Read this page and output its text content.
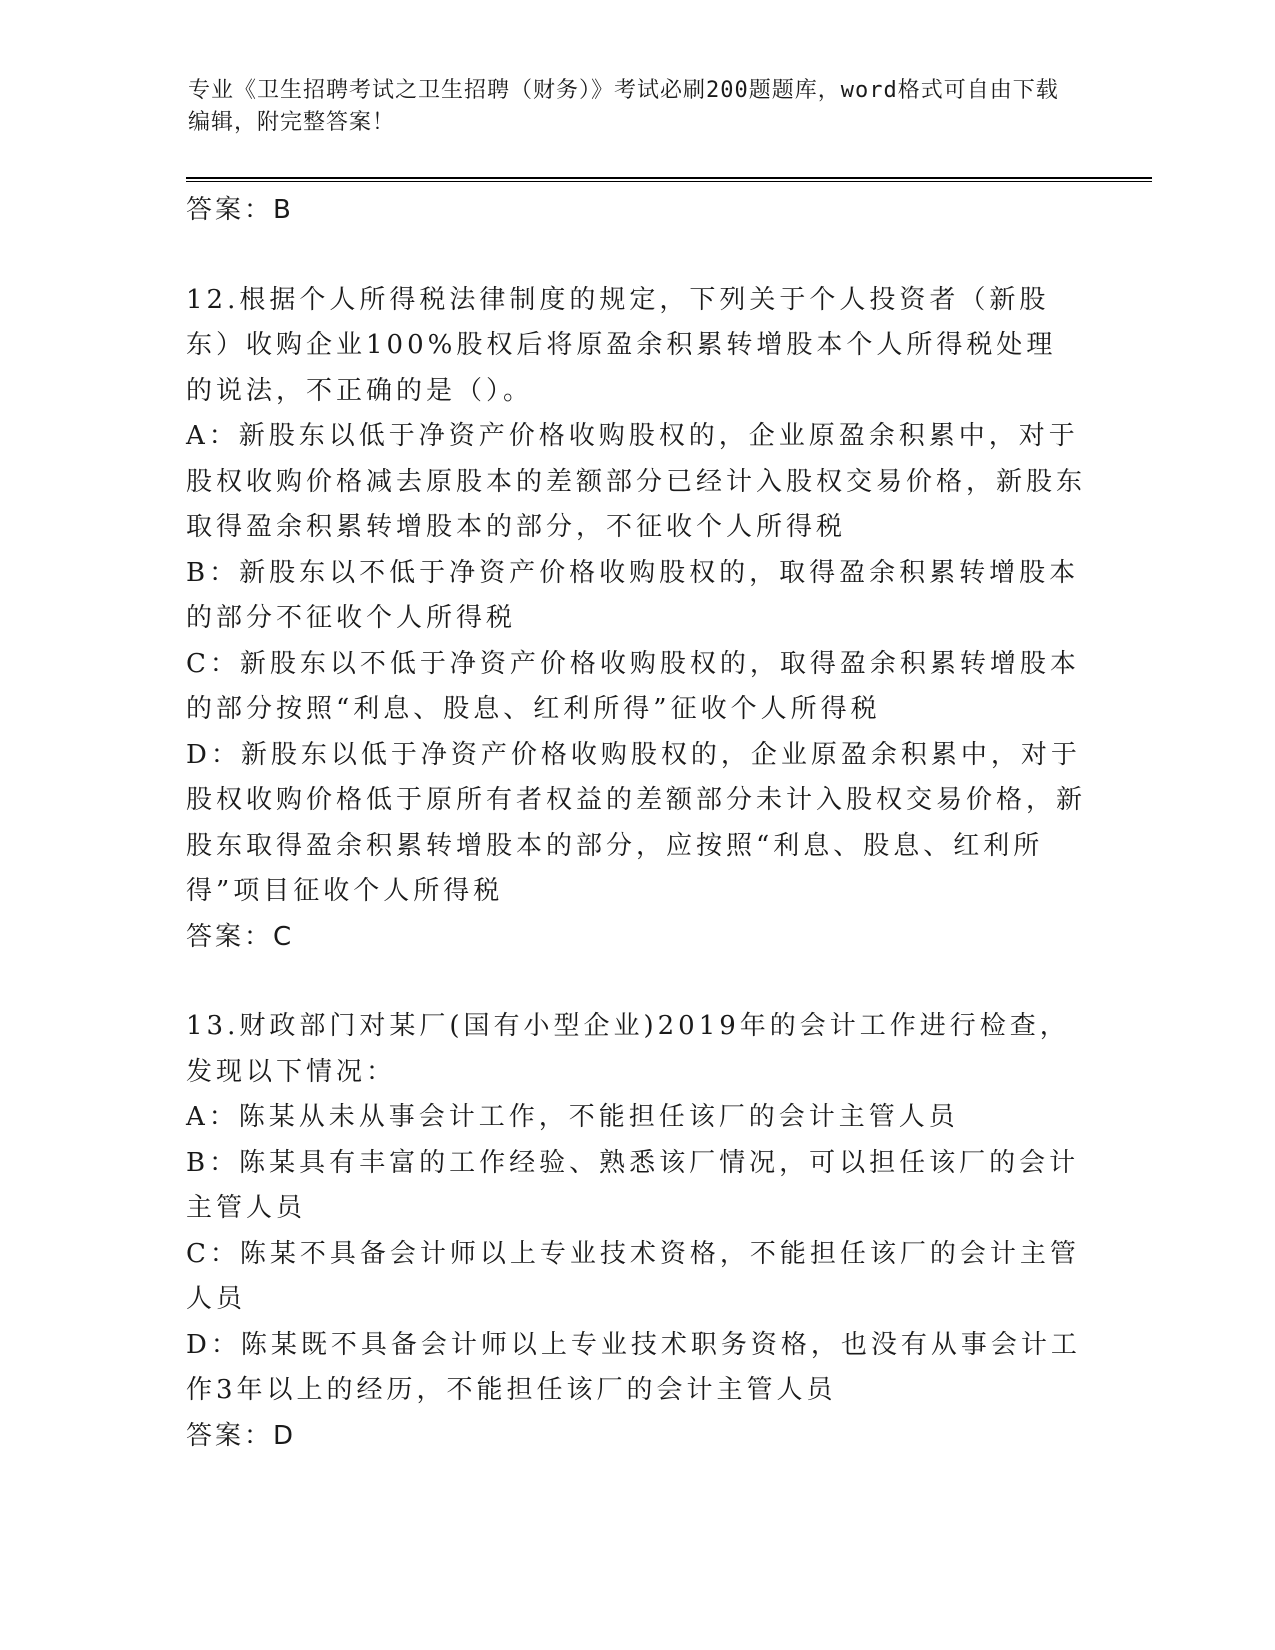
专业《卫生招聘考试之卫生招聘（财务）》考试必刷200题题库，word格式可自由下载编辑，附完整答案！
答案：B

12.根据个人所得税法律制度的规定，下列关于个人投资者（新股东）收购企业100%股权后将原盈余积累转增股本个人所得税处理的说法，不正确的是（）。

A：新股东以低于净资产价格收购股权的，企业原盈余积累中，对于股权收购价格减去原股本的差额部分已经计入股权交易价格，新股东取得盈余积累转增股本的部分，不征收个人所得税

B：新股东以不低于净资产价格收购股权的，取得盈余积累转增股本的部分不征收个人所得税

C：新股东以不低于净资产价格收购股权的，取得盈余积累转增股本的部分按照“利息、股息、红利所得”征收个人所得税

D：新股东以低于净资产价格收购股权的，企业原盈余积累中，对于股权收购价格低于原所有者权益的差额部分未计入股权交易价格，新股东取得盈余积累转增股本的部分，应按照“利息、股息、红利所得”项目征收个人所得税

答案：C

13.财政部门对某厂(国有小型企业)2019年的会计工作进行检查，发现以下情况：

A：陈某从未从事会计工作，不能担任该厂的会计主管人员

B：陈某具有丰富的工作经验、熟悉该厂情况，可以担任该厂的会计主管人员

C：陈某不具备会计师以上专业技术资格，不能担任该厂的会计主管人员

D：陈某既不具备会计师以上专业技术职务资格，也没有从事会计工作3年以上的经历，不能担任该厂的会计主管人员

答案：D
